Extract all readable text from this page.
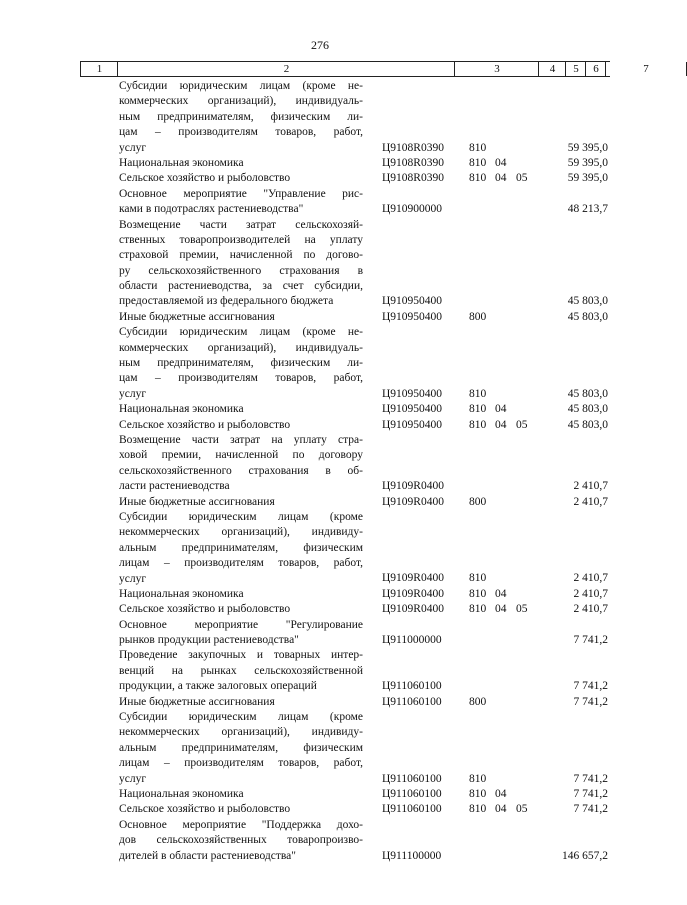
276
1	2	3	4	5	6	7
Субсидии юридическим лицам (кроме не-
коммерческих организаций), индивидуаль-
ным предпринимателям, физическим ли-
цам – производителям товаров, работ,
услуг	Ц9108R0390 810	59 395,0
Национальная экономика	Ц9108R0390 810 04	59 395,0
Сельское хозяйство и рыболовство	Ц9108R0390 810 04 05	59 395,0
Основное мероприятие "Управление рис-
ками в подотраслях растениеводства"	Ц910900000	48 213,7
Возмещение части затрат сельскохозяй-
ственных товаропроизводителей на уплату
страховой премии, начисленной по догово-
ру сельскохозяйственного страхования в
области растениеводства, за счет субсидии,
предоставляемой из федерального бюджета	Ц910950400	45 803,0
Иные бюджетные ассигнования	Ц910950400 800	45 803,0
Субсидии юридическим лицам (кроме не-
коммерческих организаций), индивидуаль-
ным предпринимателям, физическим ли-
цам – производителям товаров, работ,
услуг	Ц910950400 810	45 803,0
Национальная экономика	Ц910950400 810 04	45 803,0
Сельское хозяйство и рыболовство	Ц910950400 810 04 05	45 803,0
Возмещение части затрат на уплату стра-
ховой премии, начисленной по договору
сельскохозяйственного страхования в об-
ласти растениеводства	Ц9109R0400	2 410,7
Иные бюджетные ассигнования	Ц9109R0400 800	2 410,7
Субсидии юридическим лицам (кроме
некоммерческих организаций), индивиду-
альным предпринимателям, физическим
лицам – производителям товаров, работ,
услуг	Ц9109R0400 810	2 410,7
Национальная экономика	Ц9109R0400 810 04	2 410,7
Сельское хозяйство и рыболовство	Ц9109R0400 810 04 05	2 410,7
Основное мероприятие "Регулирование
рынков продукции растениеводства"	Ц911000000	7 741,2
Проведение закупочных и товарных интер-
венций на рынках сельскохозяйственной
продукции, а также залоговых операций	Ц911060100	7 741,2
Иные бюджетные ассигнования	Ц911060100 800	7 741,2
Субсидии юридическим лицам (кроме
некоммерческих организаций), индивиду-
альным предпринимателям, физическим
лицам – производителям товаров, работ,
услуг	Ц911060100 810	7 741,2
Национальная экономика	Ц911060100 810 04	7 741,2
Сельское хозяйство и рыболовство	Ц911060100 810 04 05	7 741,2
Основное мероприятие "Поддержка дохо-
дов сельскохозяйственных товаропроизво-
дителей в области растениеводства"	Ц911100000	146 657,2
